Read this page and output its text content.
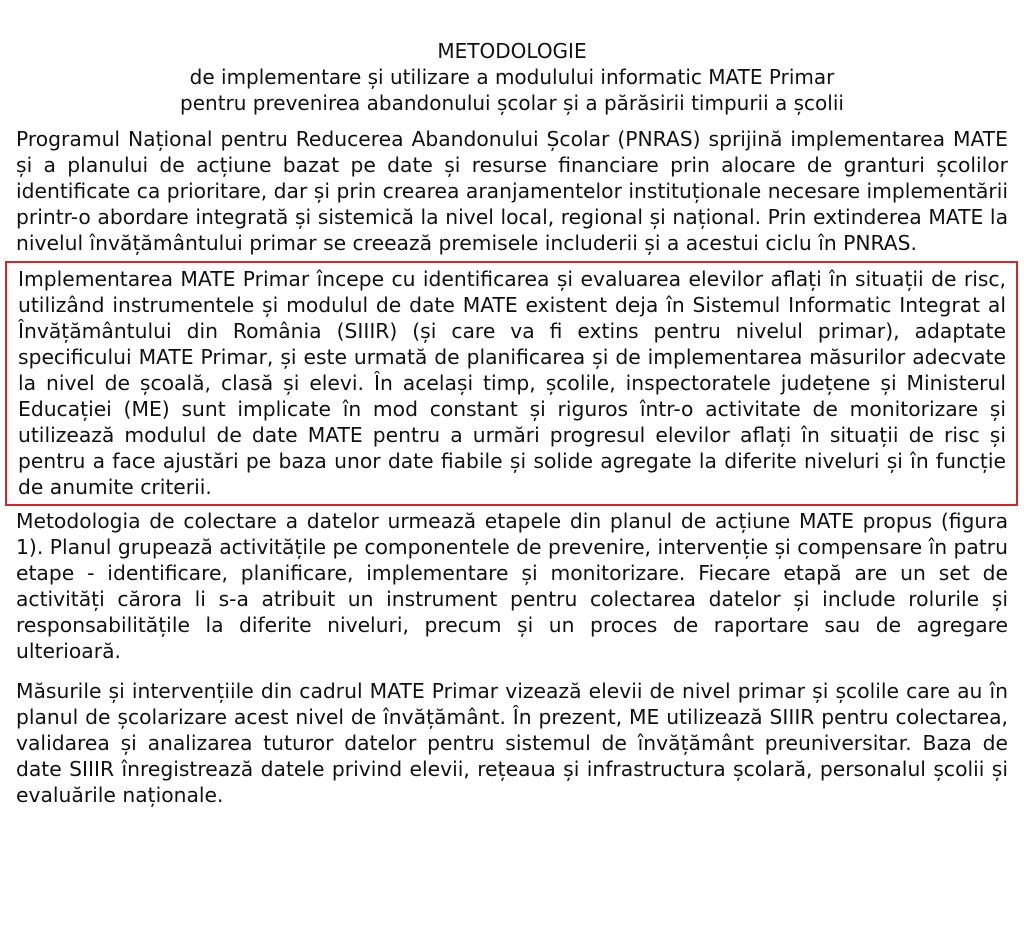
METODOLOGIE
de implementare și utilizare a modulului informatic MATE Primar
pentru prevenirea abandonului școlar și a părăsirii timpurii a școlii

Programul Național pentru Reducerea Abandonului Școlar (PNRAS) sprijină implementarea MATE și a planului de acțiune bazat pe date și resurse financiare prin alocare de granturi școlilor identificate ca prioritare, dar și prin crearea aranjamentelor instituționale necesare implementării printr-o abordare integrată și sistemică la nivel local, regional și național. Prin extinderea MATE la nivelul învățământului primar se creează premisele includerii și a acestui ciclu în PNRAS.

Implementarea MATE Primar începe cu identificarea și evaluarea elevilor aflați în situații de risc, utilizând instrumentele și modulul de date MATE existent deja în Sistemul Informatic Integrat al Învățământului din România (SIIIR) (și care va fi extins pentru nivelul primar), adaptate specificului MATE Primar, și este urmată de planificarea și de implementarea măsurilor adecvate la nivel de școală, clasă și elevi. În același timp, școlile, inspectoratele județene și Ministerul Educației (ME) sunt implicate în mod constant și riguros într-o activitate de monitorizare și utilizează modulul de date MATE pentru a urmări progresul elevilor aflați în situații de risc și pentru a face ajustări pe baza unor date fiabile și solide agregate la diferite niveluri și în funcție de anumite criterii.

Metodologia de colectare a datelor urmează etapele din planul de acțiune MATE propus (figura 1). Planul grupează activitățile pe componentele de prevenire, intervenție și compensare în patru etape - identificare, planificare, implementare și monitorizare. Fiecare etapă are un set de activități cărora li s-a atribuit un instrument pentru colectarea datelor și include rolurile și responsabilitățile la diferite niveluri, precum și un proces de raportare sau de agregare ulterioară.

Măsurile și intervențiile din cadrul MATE Primar vizează elevii de nivel primar și școlile care au în planul de școlarizare acest nivel de învățământ. În prezent, ME utilizează SIIIR pentru colectarea, validarea și analizarea tuturor datelor pentru sistemul de învățământ preuniversitar. Baza de date SIIIR înregistrează datele privind elevii, rețeaua și infrastructura școlară, personalul școlii și evaluările naționale.
